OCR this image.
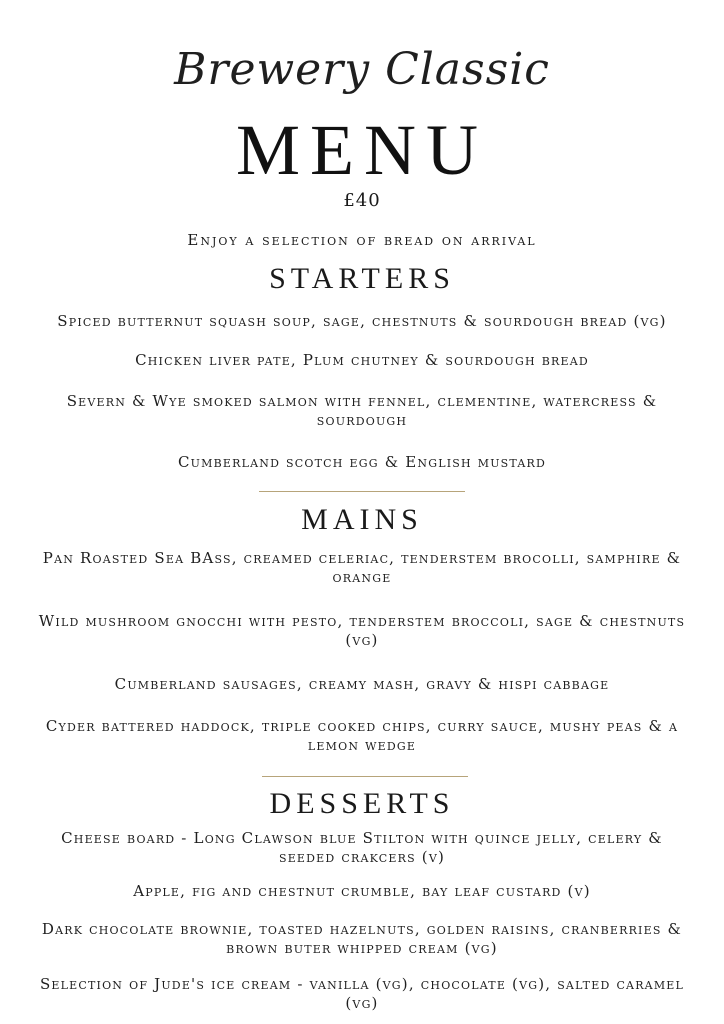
Brewery Classic
MENU
£40
Enjoy a selection of bread on arrival
STARTERS
Spiced butternut squash soup, sage, chestnuts & sourdough bread (vg)
Chicken liver pate, Plum chutney & sourdough bread
Severn & Wye smoked salmon with fennel, clementine, watercress & sourdough
Cumberland scotch egg & English mustard
MAINS
Pan Roasted Sea BAss, creamed celeriac, tenderstem brocolli, samphire & orange
Wild mushroom gnocchi with pesto, tenderstem broccoli, sage & chestnuts (vg)
Cumberland sausages, creamy mash, gravy & hispi cabbage
Cyder battered haddock, triple cooked chips, curry sauce, mushy peas & a lemon wedge
DESSERTS
Cheese board - Long Clawson blue Stilton with quince jelly, celery & seeded crakcers (v)
Apple, fig and chestnut crumble, bay leaf custard (v)
Dark chocolate brownie, toasted hazelnuts, golden raisins, cranberries & brown buter whipped cream (vg)
Selection of Jude's ice cream - vanilla (vg), chocolate (vg), salted caramel (vg)
